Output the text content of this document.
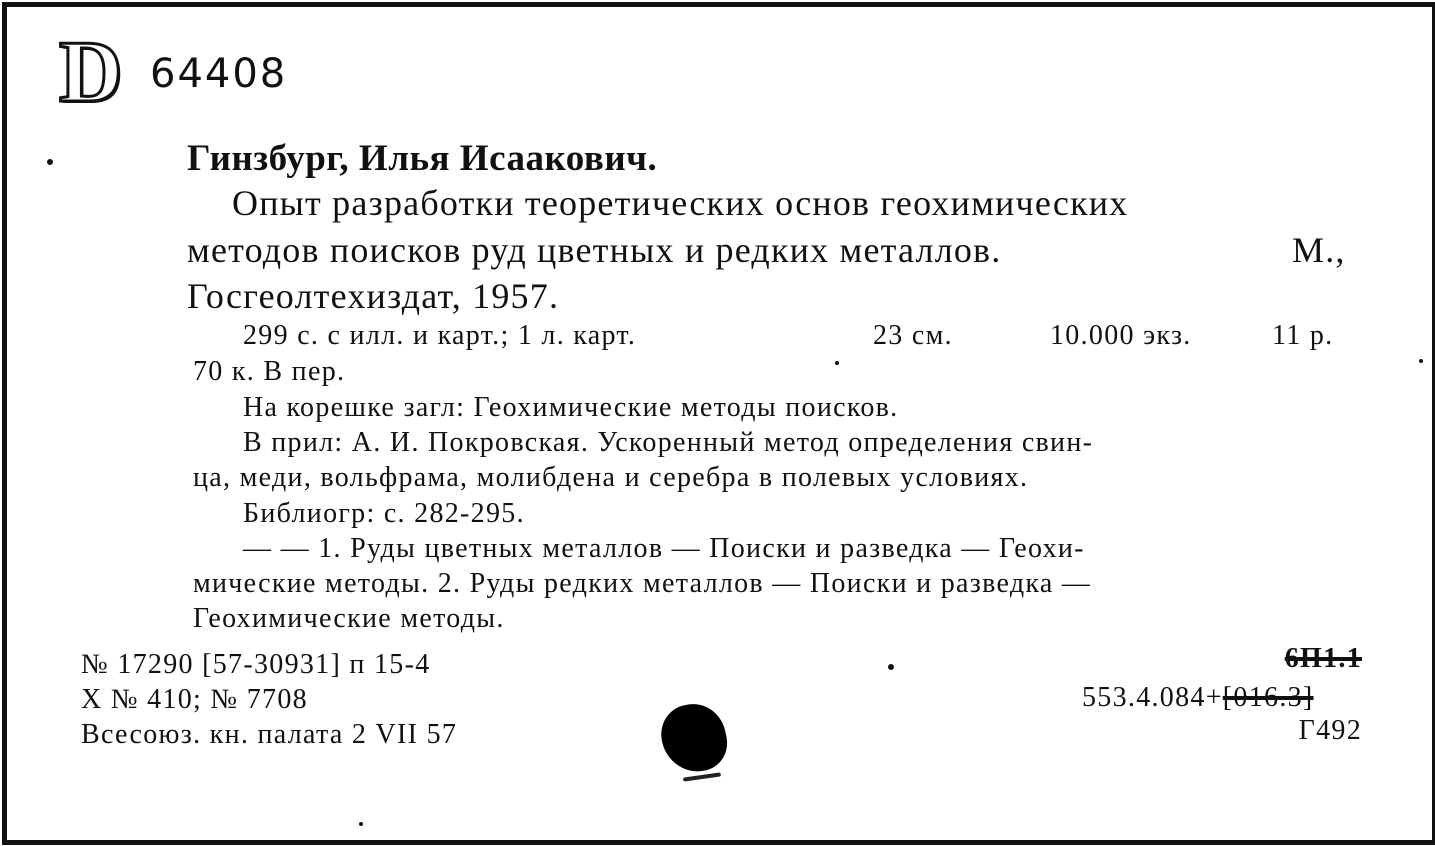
D 64408
Гинзбург, Илья Исаакович.
Опыт разработки теоретических основ геохимических
методов поисков руд цветных и редких металлов.	М.,
Госгеолтехиздат, 1957.
299 с. с илл. и карт.; 1 л. карт.	23 см.	10.000 экз.	11 р.
70 к. В пер.
На корешке загл: Геохимические методы поисков.
В прил: А. И. Покровская. Ускоренный метод определения свин-
ца, меди, вольфрама, молибдена и серебра в полевых условиях.
Библиогр: с. 282-295.
— — 1. Руды цветных металлов — Поиски и разведка — Геохи-
мические методы. 2. Руды редких металлов — Поиски и разведка —
Геохимические методы.
№ 17290 [57-30931] п 15-4
Х № 410; № 7708
Всесоюз. кн. палата 2 VII 57
6П1.1
553.4.084+[016.3]
Г492
